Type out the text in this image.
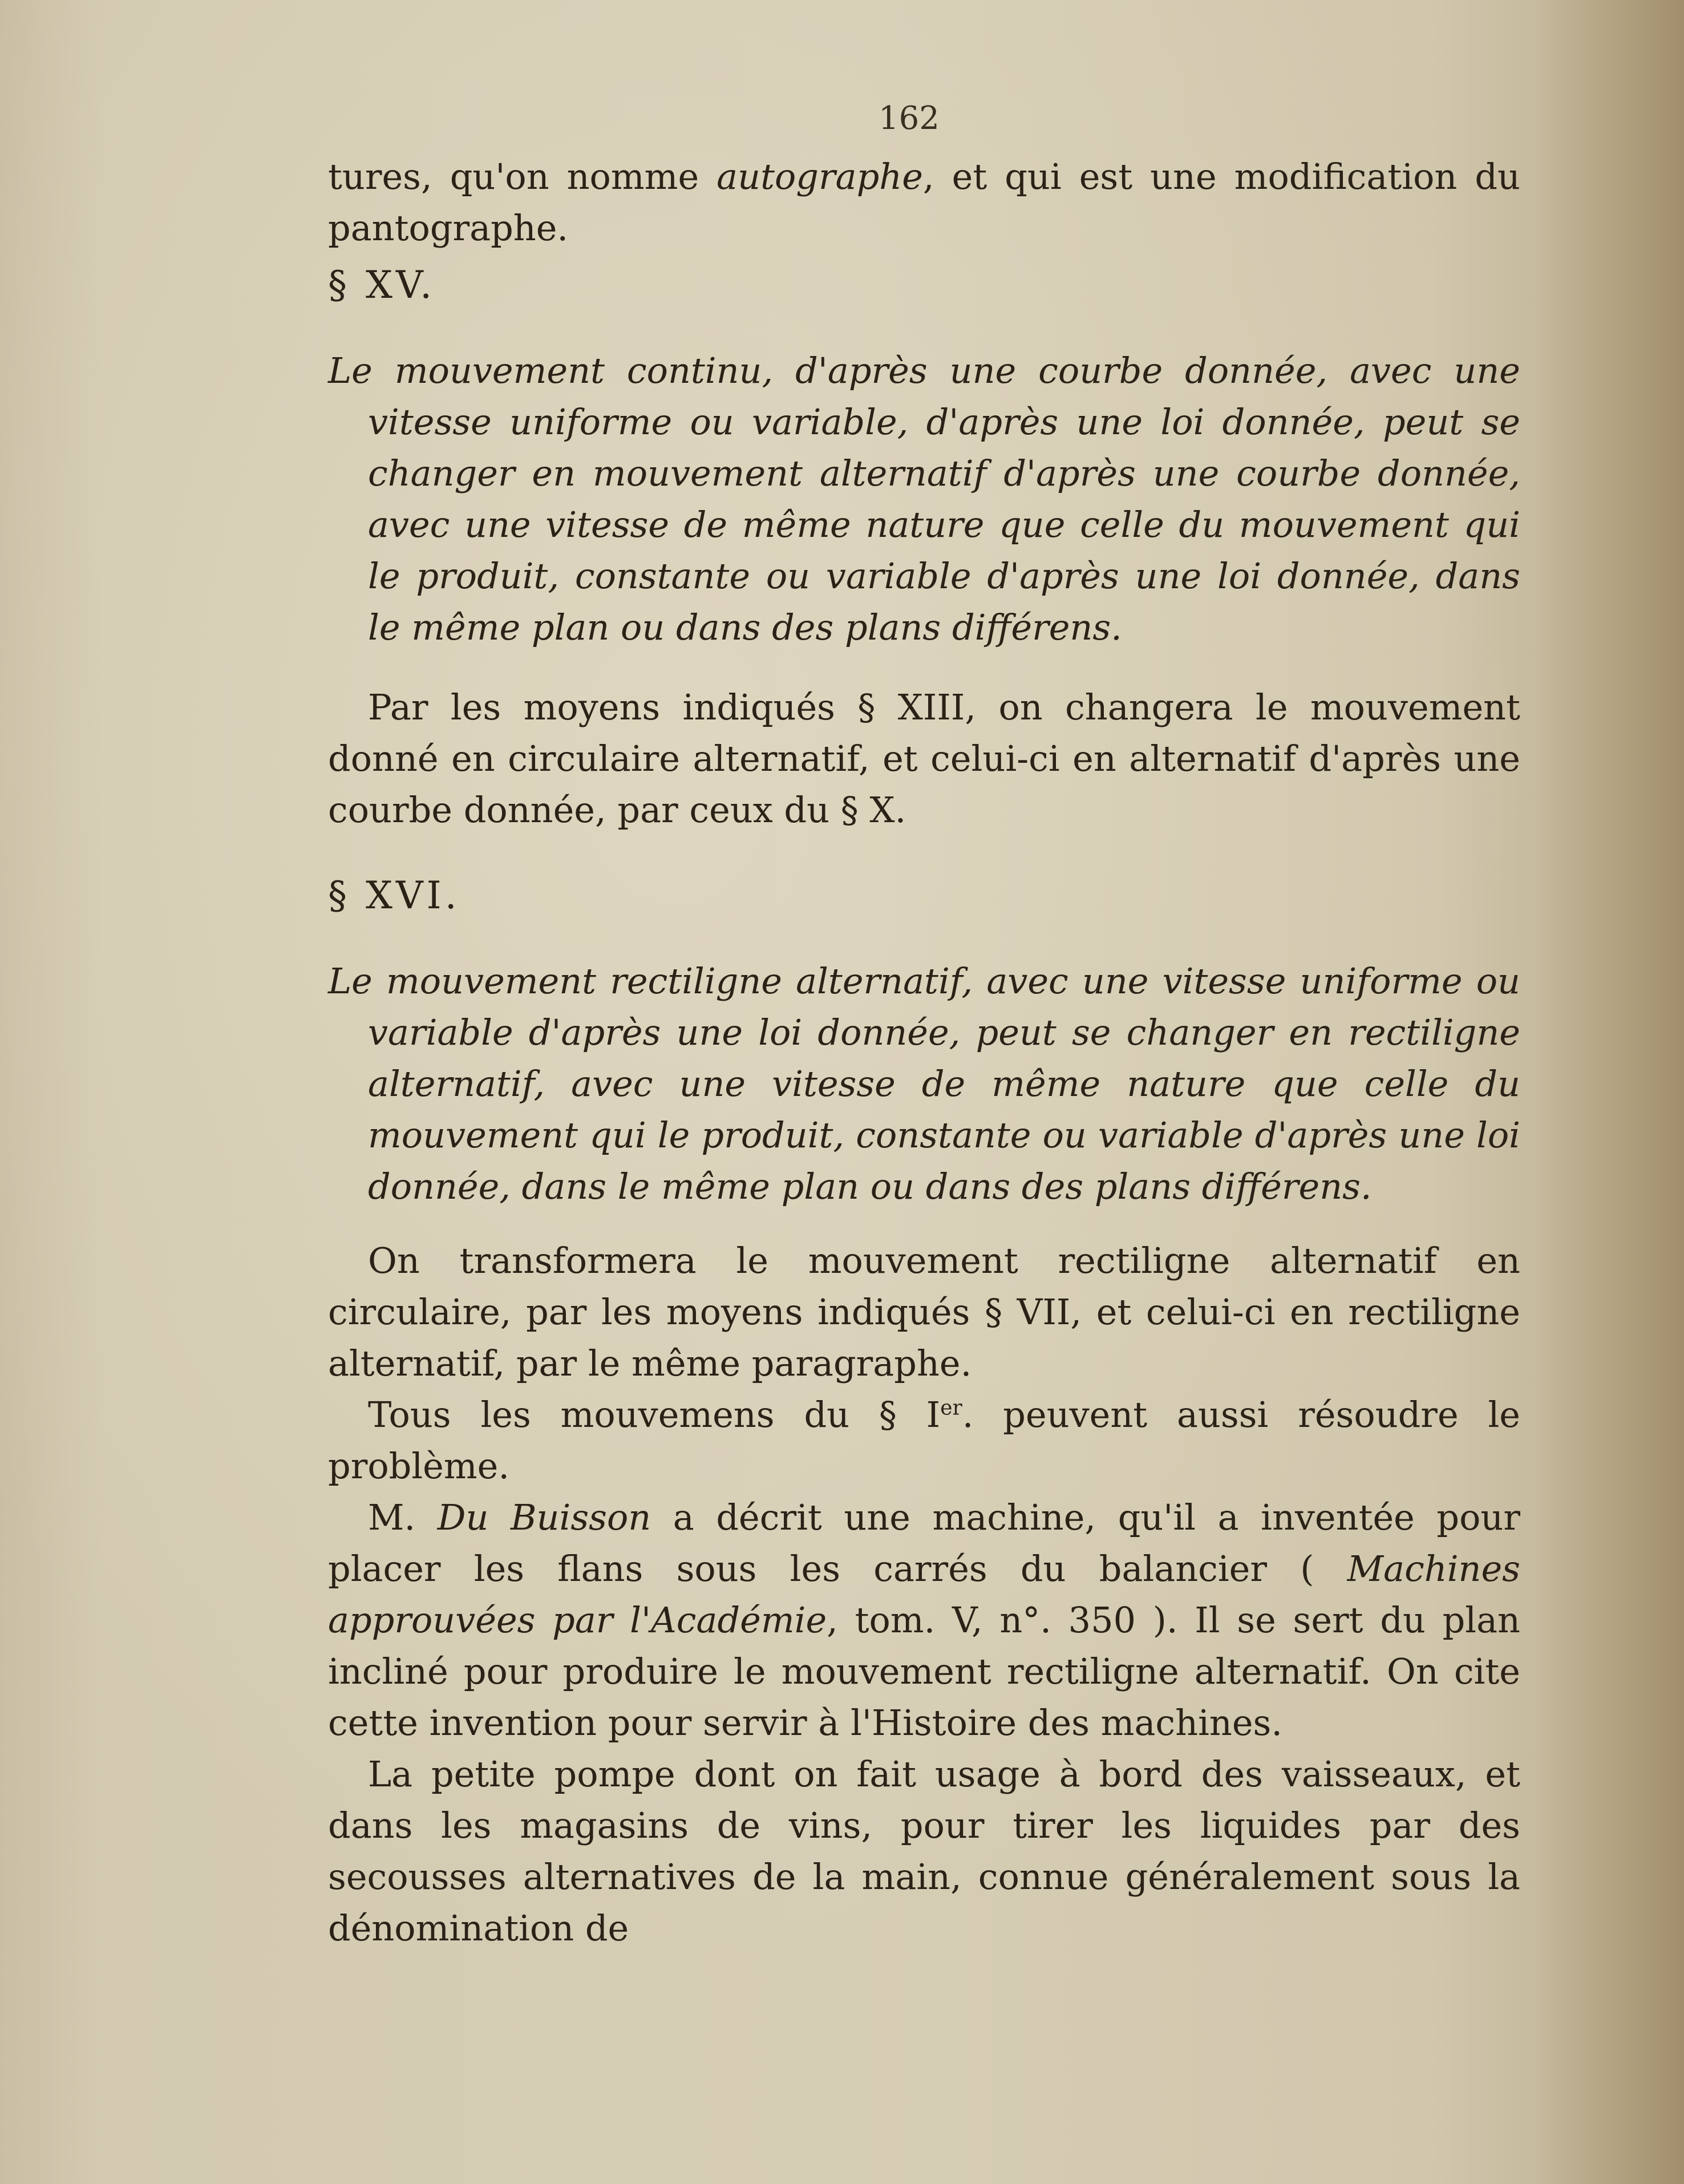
162

tures, qu'on nomme autographe, et qui est une modification du pantographe.

§ XV.

Le mouvement continu, d'après une courbe donnée, avec une vitesse uniforme ou variable, d'après une loi donnée, peut se changer en mouvement alternatif d'après une courbe donnée, avec une vitesse de même nature que celle du mouvement qui le produit, constante ou variable d'après une loi donnée, dans le même plan ou dans des plans différens.

Par les moyens indiqués § XIII, on changera le mouvement donné en circulaire alternatif, et celui-ci en alternatif d'après une courbe donnée, par ceux du § X.

§ XVI.

Le mouvement rectiligne alternatif, avec une vitesse uniforme ou variable d'après une loi donnée, peut se changer en rectiligne alternatif, avec une vitesse de même nature que celle du mouvement qui le produit, constante ou variable d'après une loi donnée, dans le même plan ou dans des plans différens.

On transformera le mouvement rectiligne alternatif en circulaire, par les moyens indiqués § VII, et celui-ci en rectiligne alternatif, par le même paragraphe.

Tous les mouvemens du § Ier. peuvent aussi résoudre le problème.

M. Du Buisson a décrit une machine, qu'il a inventée pour placer les flans sous les carrés du balancier ( Machines approuvées par l'Académie, tom. V, n°. 350 ). Il se sert du plan incliné pour produire le mouvement rectiligne alternatif. On cite cette invention pour servir à l'Histoire des machines.

La petite pompe dont on fait usage à bord des vaisseaux, et dans les magasins de vins, pour tirer les liquides par des secousses alternatives de la main, connue généralement sous la dénomination de
